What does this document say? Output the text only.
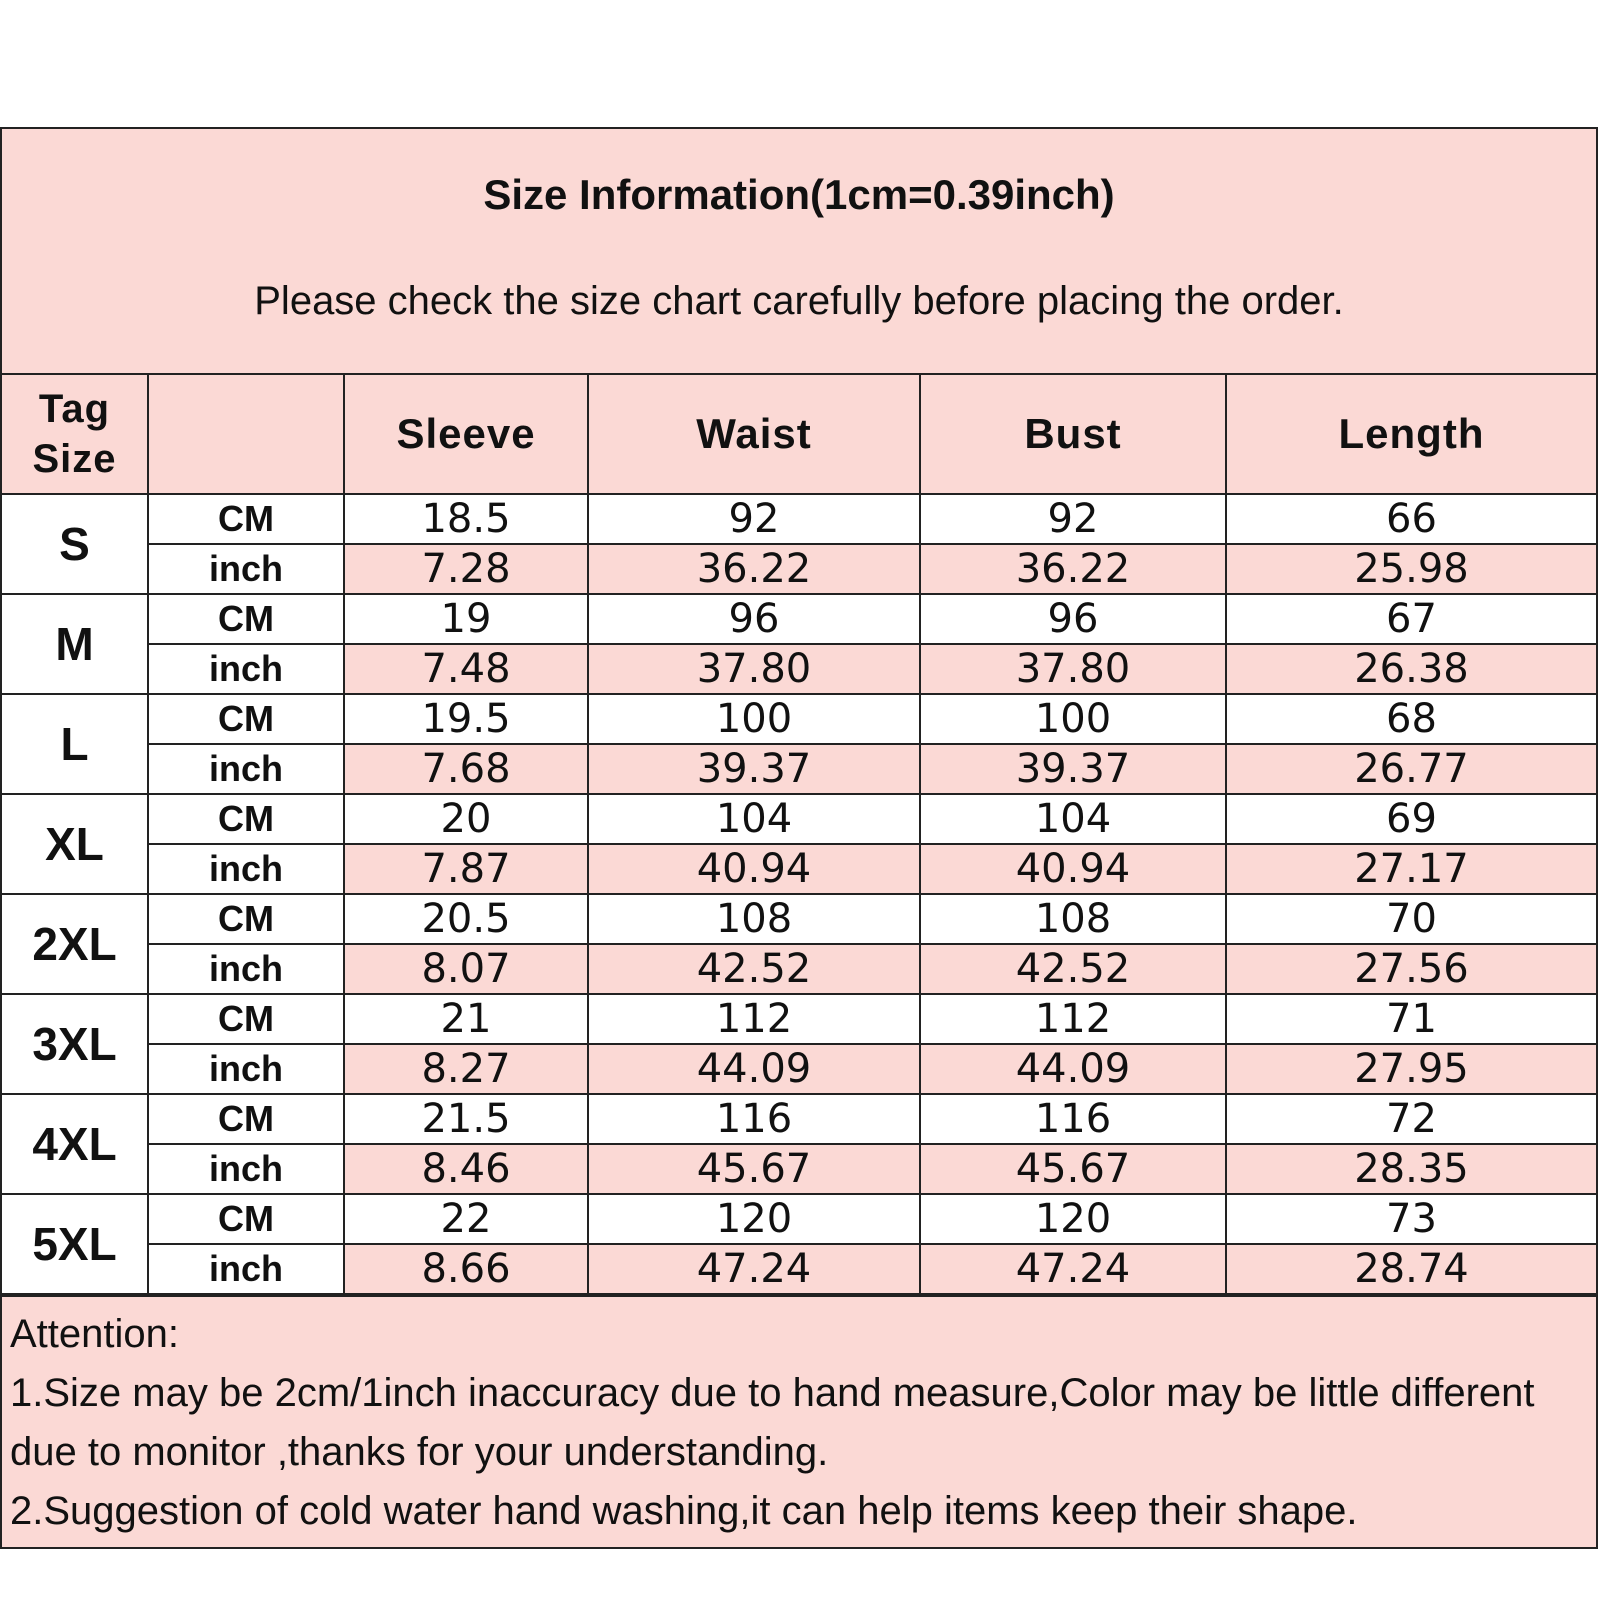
Size Information(1cm=0.39inch)
Please check the size chart carefully before placing the order.
Tag
Size		Sleeve	Waist	Bust	Length
S	CM	18.5	92	92	66
	inch	7.28	36.22	36.22	25.98
M	CM	19	96	96	67
	inch	7.48	37.80	37.80	26.38
L	CM	19.5	100	100	68
	inch	7.68	39.37	39.37	26.77
XL	CM	20	104	104	69
	inch	7.87	40.94	40.94	27.17
2XL	CM	20.5	108	108	70
	inch	8.07	42.52	42.52	27.56
3XL	CM	21	112	112	71
	inch	8.27	44.09	44.09	27.95
4XL	CM	21.5	116	116	72
	inch	8.46	45.67	45.67	28.35
5XL	CM	22	120	120	73
	inch	8.66	47.24	47.24	28.74
Attention:
1.Size may be 2cm/1inch inaccuracy due to hand measure,Color may be little different due to monitor ,thanks for your understanding.
2.Suggestion of cold water hand washing,it can help items keep their shape.
